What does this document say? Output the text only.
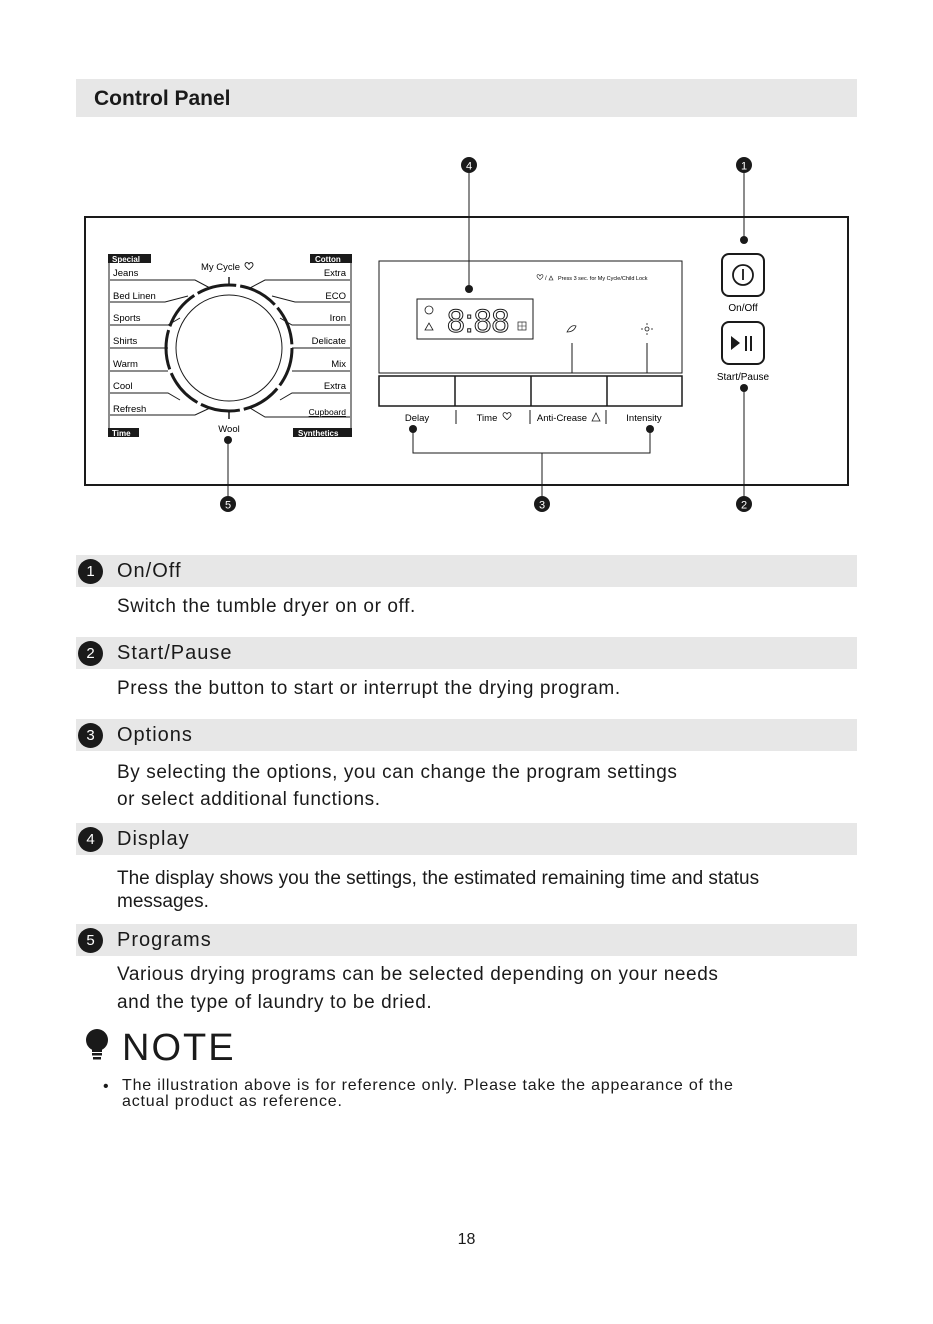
Control Panel
Special	Cotton
Time	Synthetics
Jeans
Bed Linen
Sports
Shirts
Warm
Cool
Refresh
Extra
ECO
Iron
Delicate
Mix
Extra
Cupboard
My Cycle
Wool
8:88
Press 3 sec. for My Cycle/Child Lock
/
Delay	Time	Anti-Crease	Intensity
On/Off
Start/Pause
4	1
2
3
5
1	On/Off
Switch the tumble dryer on or off.
2	Start/Pause
Press the button to start or interrupt the drying program.
3	Options
By selecting the options, you can change the program settings
or select additional functions.
4	Display
The display shows you the settings, the estimated remaining time and status
messages.
5	Programs
Various drying programs can be selected depending on your needs
and the type of laundry to be dried.
NOTE
• The illustration above is for reference only. Please take the appearance of the
actual product as reference.
18
